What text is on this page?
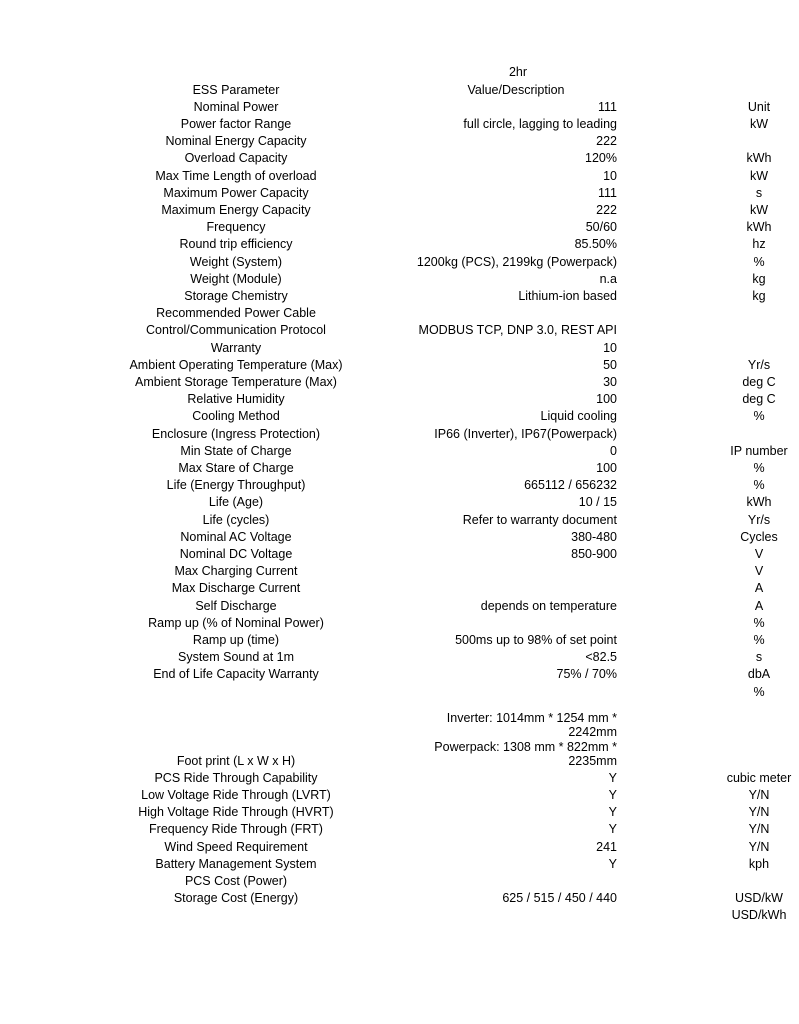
2hr
ESS Parameter	Unit	Value/Description
Nominal Power	kW	111
Power factor Range		full circle, lagging to leading
Nominal Energy Capacity	kWh	222
Overload Capacity	kW	120%
Max Time Length of overload	s	10
Maximum Power Capacity	kW	111
Maximum Energy Capacity	kWh	222
Frequency	hz	50/60
Round trip efficiency	%	85.50%
Weight (System)	kg	1200kg (PCS), 2199kg (Powerpack)
Weight (Module)	kg	n.a
Storage Chemistry		Lithium-ion based
Recommended Power Cable	

Control/Communication Protocol		MODBUS TCP, DNP 3.0, REST API
Warranty	Yr/s	10
Ambient Operating Temperature (Max)	deg C	50
Ambient Storage Temperature (Max)	deg C	30
Relative Humidity	%	100
Cooling Method		Liquid cooling
Enclosure (Ingress Protection)	IP number	IP66 (Inverter), IP67(Powerpack)
Min State of Charge	%	0
Max Stare of Charge	%	100
Life (Energy Throughput)	kWh	665112 / 656232
Life (Age)	Yr/s	10 / 15
Life (cycles)	Cycles	Refer to warranty document
Nominal AC Voltage	V	380-480
Nominal DC Voltage	V	850-900
Max Charging Current	A

Max Discharge Current	A

Self Discharge	%	depends on temperature
Ramp up (% of Nominal Power)	%

Ramp up (time)	s	500ms up to 98% of set point
System Sound at 1m	dbA	<82.5
End of Life Capacity Warranty	%	75% / 70%

Foot print (L x W x H)	cubic meter	Inverter: 1014mm * 1254 mm * 2242mm
Powerpack: 1308 mm * 822mm * 2235mm
PCS Ride Through Capability	Y/N	Y
Low Voltage Ride Through (LVRT)	Y/N	Y
High Voltage Ride Through (HVRT)	Y/N	Y
Frequency Ride Through (FRT)	Y/N	Y
Wind Speed Requirement	kph	241
Battery Management System		Y
PCS Cost (Power)	USD/kW

Storage Cost (Energy)	USD/kWh	625 / 515 / 450 / 440
